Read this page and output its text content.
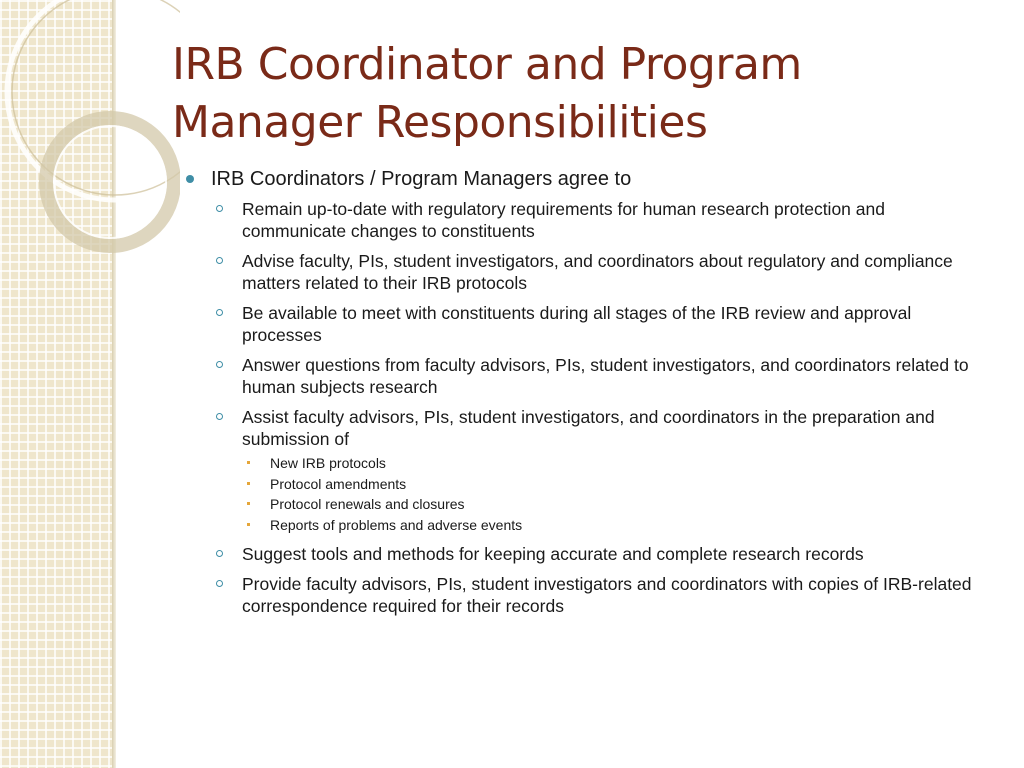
IRB Coordinator and Program Manager Responsibilities
IRB Coordinators / Program Managers agree to
Remain up-to-date with regulatory requirements for human research protection and communicate changes to constituents
Advise faculty, PIs, student investigators, and coordinators about regulatory and compliance matters related to their IRB protocols
Be available to meet with constituents during all stages of the IRB review and approval processes
Answer questions from faculty advisors, PIs, student investigators, and coordinators related to human subjects research
Assist faculty advisors, PIs, student investigators, and coordinators in the preparation and submission of
New IRB protocols
Protocol amendments
Protocol renewals and closures
Reports of problems and adverse events
Suggest tools and methods for keeping accurate and complete research records
Provide faculty advisors, PIs, student investigators and coordinators with copies of IRB-related correspondence required for their records
